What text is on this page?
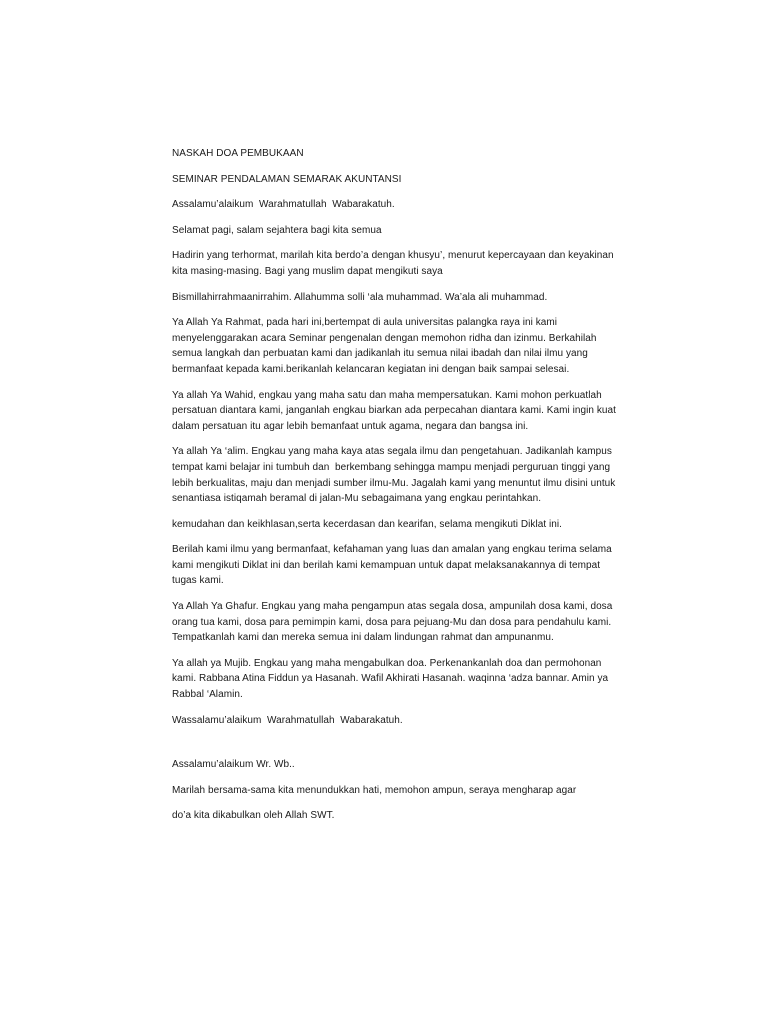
NASKAH DOA PEMBUKAAN

SEMINAR PENDALAMAN SEMARAK AKUNTANSI

Assalamu’alaikum  Warahmatullah  Wabarakatuh.

Selamat pagi, salam sejahtera bagi kita semua

Hadirin yang terhormat, marilah kita berdo’a dengan khusyu’, menurut kepercayaan dan keyakinan kita masing-masing. Bagi yang muslim dapat mengikuti saya

Bismillahirrahmaanirrahim. Allahumma solli ‘ala muhammad. Wa’ala ali muhammad.

Ya Allah Ya Rahmat, pada hari ini,bertempat di aula universitas palangka raya ini kami menyelenggarakan acara Seminar pengenalan dengan memohon ridha dan izinmu. Berkahilah semua langkah dan perbuatan kami dan jadikanlah itu semua nilai ibadah dan nilai ilmu yang bermanfaat kepada kami.berikanlah kelancaran kegiatan ini dengan baik sampai selesai.

Ya allah Ya Wahid, engkau yang maha satu dan maha mempersatukan. Kami mohon perkuatlah persatuan diantara kami, janganlah engkau biarkan ada perpecahan diantara kami. Kami ingin kuat dalam persatuan itu agar lebih bemanfaat untuk agama, negara dan bangsa ini.

Ya allah Ya ‘alim. Engkau yang maha kaya atas segala ilmu dan pengetahuan. Jadikanlah kampus tempat kami belajar ini tumbuh dan  berkembang sehingga mampu menjadi perguruan tinggi yang lebih berkualitas, maju dan menjadi sumber ilmu-Mu. Jagalah kami yang menuntut ilmu disini untuk senantiasa istiqamah beramal di jalan-Mu sebagaimana yang engkau perintahkan.

kemudahan dan keikhlasan,serta kecerdasan dan kearifan, selama mengikuti Diklat ini.

Berilah kami ilmu yang bermanfaat, kefahaman yang luas dan amalan yang engkau terima selama kami mengikuti Diklat ini dan berilah kami kemampuan untuk dapat melaksanakannya di tempat tugas kami.

Ya Allah Ya Ghafur. Engkau yang maha pengampun atas segala dosa, ampunilah dosa kami, dosa orang tua kami, dosa para pemimpin kami, dosa para pejuang-Mu dan dosa para pendahulu kami. Tempatkanlah kami dan mereka semua ini dalam lindungan rahmat dan ampunanmu.

Ya allah ya Mujib. Engkau yang maha mengabulkan doa. Perkenankanlah doa dan permohonan kami. Rabbana Atina Fiddun ya Hasanah. Wafil Akhirati Hasanah. waqinna ‘adza bannar. Amin ya Rabbal ‘Alamin.

Wassalamu’alaikum  Warahmatullah  Wabarakatuh.

Assalamu’alaikum Wr. Wb..

Marilah bersama-sama kita menundukkan hati, memohon ampun, seraya mengharap agar

do’a kita dikabulkan oleh Allah SWT.
